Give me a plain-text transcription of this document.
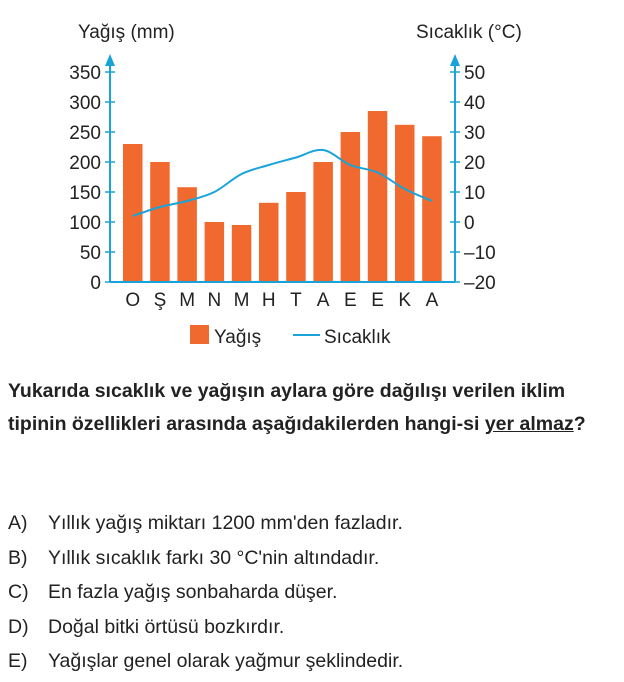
Yağış (mm)	Sıcaklık (°C)
350
300
250
200
150
100
50
0
50
40
30
20
10
0
–10
–20
O Ş M N M H T A E E K A
Yağış	Sıcaklık

Yukarıda sıcaklık ve yağışın aylara göre dağılışı verilen iklim tipinin özellikleri arasında aşağıdakilerden hangi-si yer almaz?

A)	Yıllık yağış miktarı 1200 mm'den fazladır.
B)	Yıllık sıcaklık farkı 30 °C'nin altındadır.
C) En fazla yağış sonbaharda düşer.
D) Doğal bitki örtüsü bozkırdır.
E)	Yağışlar genel olarak yağmur şeklindedir.
